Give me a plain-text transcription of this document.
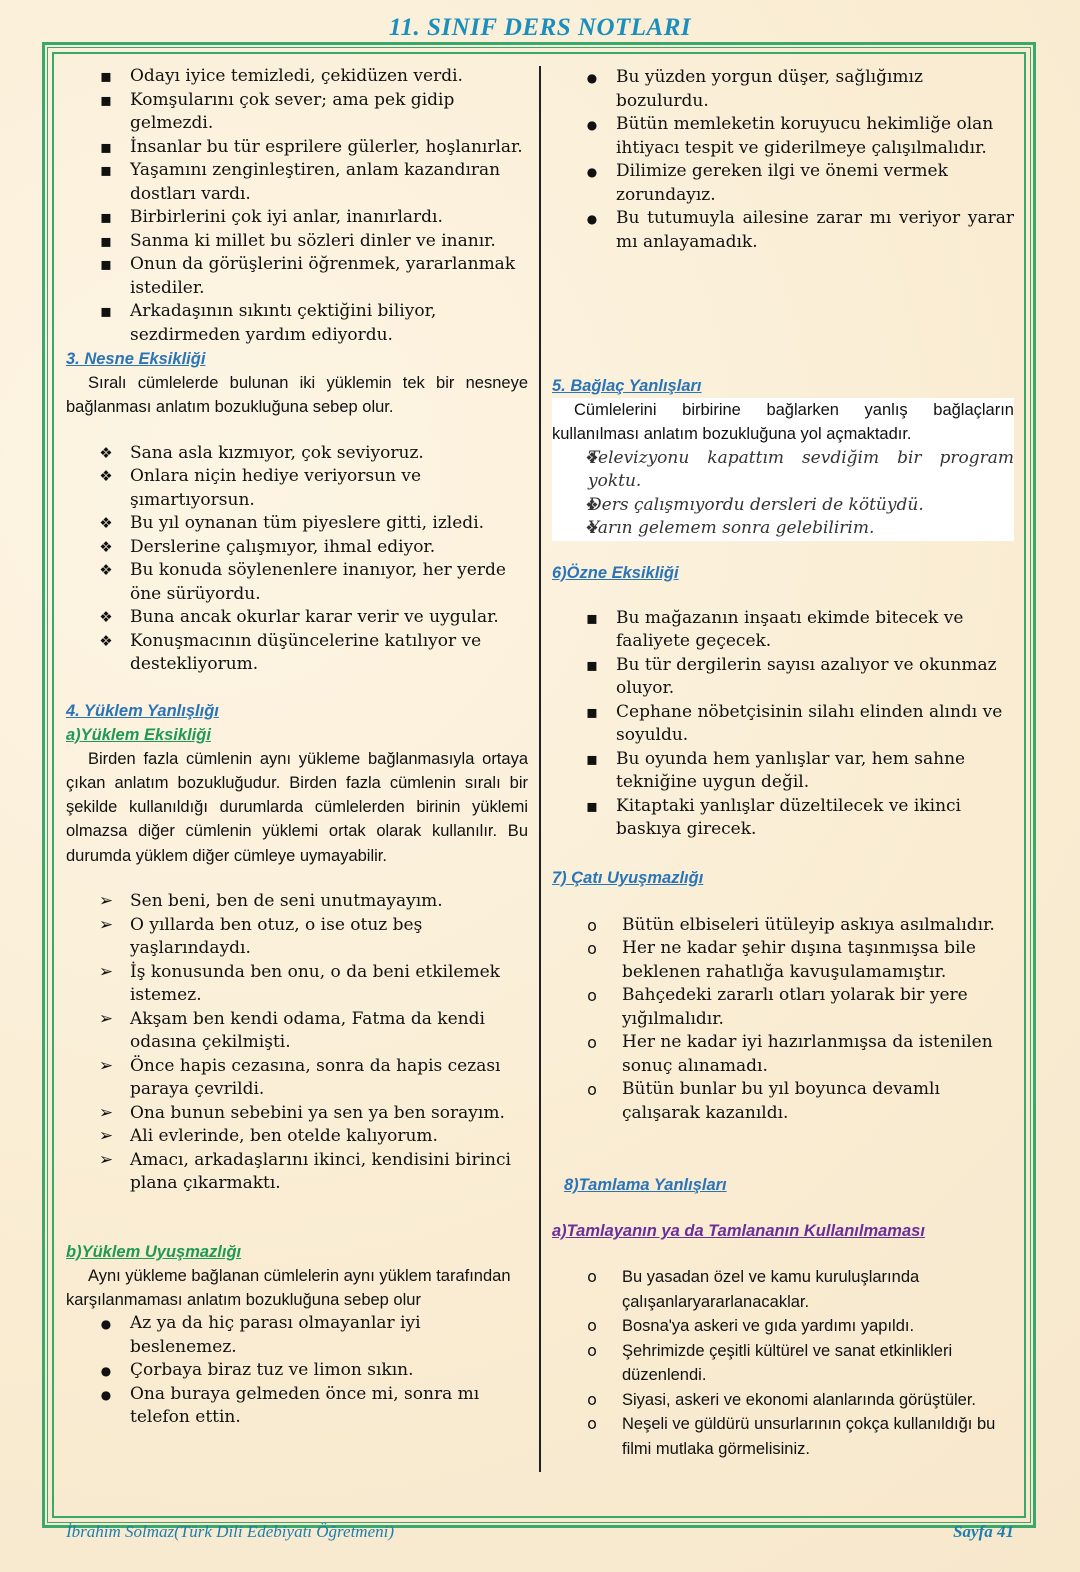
11. SINIF DERS NOTLARI
▪
Odayı iyice temizledi, çekidüzen verdi.
▪
Komşularını çok sever; ama pek gidip gelmezdi.
▪
İnsanlar bu tür esprilere gülerler, hoşlanırlar.
▪
Yaşamını zenginleştiren, anlam kazandıran dostları vardı.
▪
Birbirlerini çok iyi anlar, inanırlardı.
▪
Sanma ki millet bu sözleri dinler ve inanır.
▪
Onun da görüşlerini öğrenmek, yararlanmak istediler.
▪
Arkadaşının sıkıntı çektiğini biliyor, sezdirmeden yardım ediyordu.
3. Nesne Eksikliği
Sıralı cümlelerde bulunan iki yüklemin tek bir nesneye bağlanması anlatım bozukluğuna sebep olur.
❖
Sana asla kızmıyor, çok seviyoruz.
❖
Onlara niçin hediye veriyorsun ve şımartıyorsun.
❖
Bu yıl oynanan tüm piyeslere gitti, izledi.
❖
Derslerine çalışmıyor, ihmal ediyor.
❖
Bu konuda söylenenlere inanıyor, her yerde öne sürüyordu.
❖
Buna ancak okurlar karar verir ve uygular.
❖
Konuşmacının düşüncelerine katılıyor ve destekliyorum.
4. Yüklem Yanlışlığı
a)Yüklem Eksikliği
Birden fazla cümlenin aynı yükleme bağlanmasıyla ortaya çıkan anlatım bozukluğudur. Birden fazla cümlenin sıralı bir şekilde kullanıldığı durumlarda cümlelerden birinin yüklemi olmazsa diğer cümlenin yüklemi ortak olarak kullanılır. Bu durumda yüklem diğer cümleye uymayabilir.
➢
Sen beni, ben de seni unutmayayım.
➢
O yıllarda ben otuz, o ise otuz beş yaşlarındaydı.
➢
İş konusunda ben onu, o da beni etkilemek istemez.
➢
Akşam ben kendi odama, Fatma da kendi odasına çekilmişti.
➢
Önce hapis cezasına, sonra da hapis cezası paraya çevrildi.
➢
Ona bunun sebebini ya sen ya ben sorayım.
➢
Ali evlerinde, ben otelde kalıyorum.
➢
Amacı, arkadaşlarını ikinci, kendisini birinci plana çıkarmaktı.
b)Yüklem Uyuşmazlığı
Aynı yükleme bağlanan cümlelerin aynı yüklem tarafından karşılanmaması anlatım bozukluğuna sebep olur
●
Az ya da hiç parası olmayanlar iyi beslenemez.
●
Çorbaya biraz tuz ve limon sıkın.
●
Ona buraya gelmeden önce mi, sonra mı telefon ettin.
●
Bu yüzden yorgun düşer, sağlığımız bozulurdu.
●
Bütün memleketin koruyucu hekimliğe olan ihtiyacı tespit ve giderilmeye çalışılmalıdır.
●
Dilimize gereken ilgi ve önemi vermek zorundayız.
●
Bu tutumuyla ailesine zarar mı veriyor yarar mı anlayamadık.
5. Bağlaç Yanlışları
Cümlelerini birbirine bağlarken yanlış bağlaçların kullanılması anlatım bozukluğuna yol açmaktadır.
❖
Televizyonu kapattım sevdiğim bir program yoktu.
❖
Ders çalışmıyordu dersleri de kötüydü.
❖
Yarın gelemem sonra gelebilirim.
6)Özne Eksikliği
▪
Bu mağazanın inşaatı ekimde bitecek ve faaliyete geçecek.
▪
Bu tür dergilerin sayısı azalıyor ve okunmaz oluyor.
▪
Cephane nöbetçisinin silahı elinden alındı ve soyuldu.
▪
Bu oyunda hem yanlışlar var, hem sahne tekniğine uygun değil.
▪
Kitaptaki yanlışlar düzeltilecek ve ikinci baskıya girecek.
7) Çatı Uyuşmazlığı
o
Bütün elbiseleri ütüleyip askıya asılmalıdır.
o
Her ne kadar şehir dışına taşınmışsa bile beklenen rahatlığa kavuşulamamıştır.
o
Bahçedeki zararlı otları yolarak bir yere yığılmalıdır.
o
Her ne kadar iyi hazırlanmışsa da istenilen sonuç alınamadı.
o
Bütün bunlar bu yıl boyunca devamlı çalışarak kazanıldı.
8)Tamlama Yanlışları
a)Tamlayanın ya da Tamlananın Kullanılmaması
o
Bu yasadan özel ve kamu kuruluşlarında çalışanlaryararlanacaklar.
o
Bosna'ya askeri ve gıda yardımı yapıldı.
o
Şehrimizde çeşitli kültürel ve sanat etkinlikleri düzenlendi.
o
Siyasi, askeri ve ekonomi alanlarında görüştüler.
o
Neşeli ve güldürü unsurlarının çokça kullanıldığı bu filmi mutlaka görmelisiniz.
İbrahim Solmaz(Türk Dili Edebiyatı Öğretmeni)	Sayfa 41
